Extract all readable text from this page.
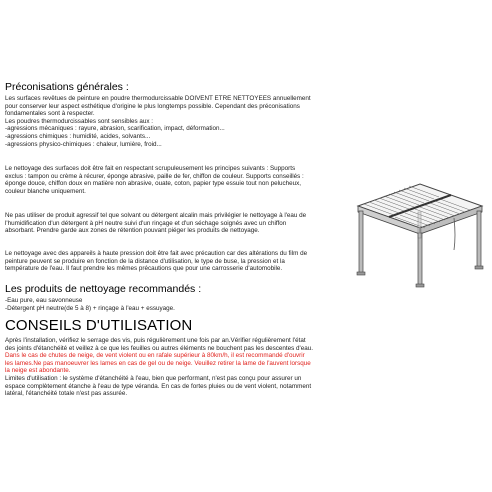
Préconisations générales :
Les surfaces revêtues de peinture en poudre thermodurcissable DOIVENT ETRE NETTOYEES annuellement
pour conserver leur aspect esthétique d'origine le plus longtemps possible. Cependant des préconisations
fondamentales sont à respecter.
Les poudres thermodurcissables sont sensibles aux :
-agressions mécaniques : rayure, abrasion, scarification, impact, déformation...
-agressions chimiques : humidité, acides, solvants...
-agressions physico-chimiques : chaleur, lumière, froid...
Le nettoyage des surfaces doit être fait en respectant scrupuleusement les principes suivants : Supports
exclus : tampon ou crème à récurer, éponge abrasive, paille de fer, chiffon de couleur. Supports conseillés :
éponge douce, chiffon doux en matière non abrasive, ouate, coton, papier type essuie tout non pelucheux,
couleur blanche uniquement.
Ne pas utiliser de produit agressif tel que solvant ou détergent alcalin mais privilégier le nettoyage à l'eau de
l'humidification d'un détergent à pH neutre suivi d'un rinçage et d'un séchage soignés avec un chiffon
absorbant. Prendre garde aux zones de rétention pouvant piéger les produits de nettoyage.
Le nettoyage avec des appareils à haute pression doit être fait avec précaution car des altérations du film de
peinture peuvent se produire en fonction de la distance d'utilisation, le type de buse, la pression et la
température de l'eau. Il faut prendre les mêmes précautions que pour une carrosserie d'automobile.
Les produits de nettoyage recommandés :
-Eau pure, eau savonneuse
-Détergent pH neutre(de 5 à 8) + rinçage à l'eau + essuyage.
CONSEILS D'UTILISATION
Après l'installation, vérifiez le serrage des vis, puis régulièrement une fois par an.Vérifier régulièrement l'état
des joints d'étanchéité et veillez à ce que les feuilles ou autres éléments ne bouchent pas les descentes d'eau.
Dans le cas de chutes de neige, de vent violent ou en rafale supérieur à 80km/h, il est recommandé d'ouvrir
les lames.Ne pas manoeuvrer les lames en cas de gel ou de neige. Veuillez retirer la lame de l'auvent lorsque
la neige est abondante.
Limites d'utilisation : le système d'étanchéité à l'eau, bien que performant, n'est pas conçu pour assurer un
espace complètement étanche à l'eau de type véranda. En cas de fortes pluies ou de vent violent, notamment
latéral, l'étanchéité totale n'est pas assurée.
